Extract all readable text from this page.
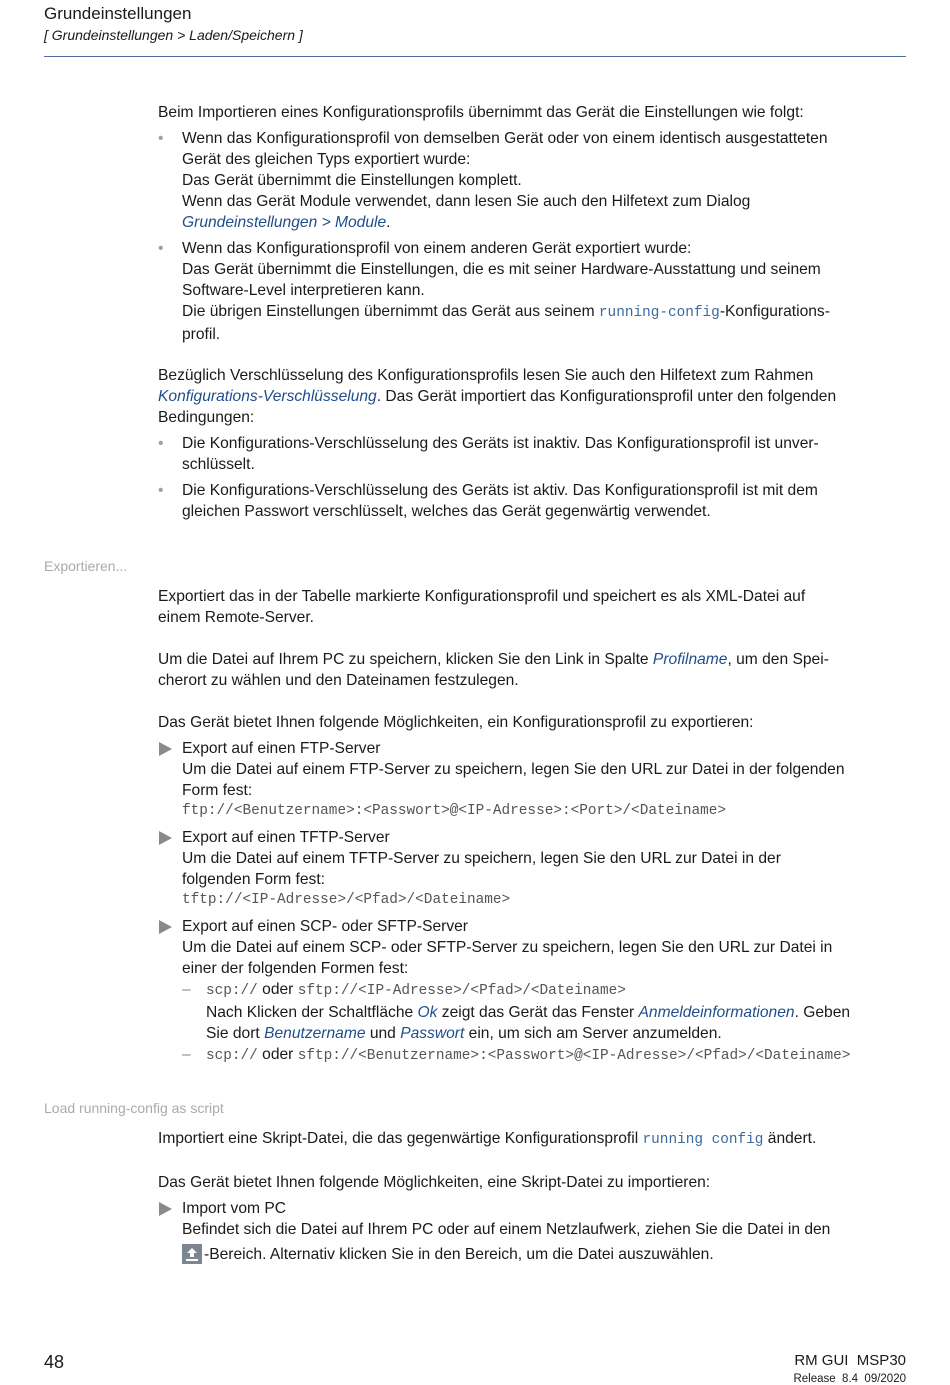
Grundeinstellungen
[ Grundeinstellungen > Laden/Speichern ]

Beim Importieren eines Konfigurationsprofils übernimmt das Gerät die Einstellungen wie folgt:

• Wenn das Konfigurationsprofil von demselben Gerät oder von einem identisch ausgestatteten
Gerät des gleichen Typs exportiert wurde:
Das Gerät übernimmt die Einstellungen komplett.
Wenn das Gerät Module verwendet, dann lesen Sie auch den Hilfetext zum Dialog
Grundeinstellungen > Module.
• Wenn das Konfigurationsprofil von einem anderen Gerät exportiert wurde:
Das Gerät übernimmt die Einstellungen, die es mit seiner Hardware-Ausstattung und seinem
Software-Level interpretieren kann.
Die übrigen Einstellungen übernimmt das Gerät aus seinem running-config-Konfigurations-
profil.
Bezüglich Verschlüsselung des Konfigurationsprofils lesen Sie auch den Hilfetext zum Rahmen
Konfigurations-Verschlüsselung. Das Gerät importiert das Konfigurationsprofil unter den folgenden
Bedingungen:
• Die Konfigurations-Verschlüsselung des Geräts ist inaktiv. Das Konfigurationsprofil ist unver-
schlüsselt.
• Die Konfigurations-Verschlüsselung des Geräts ist aktiv. Das Konfigurationsprofil ist mit dem
gleichen Passwort verschlüsselt, welches das Gerät gegenwärtig verwendet.
Exportieren...
Exportiert das in der Tabelle markierte Konfigurationsprofil und speichert es als XML-Datei auf
einem Remote-Server.
Um die Datei auf Ihrem PC zu speichern, klicken Sie den Link in Spalte Profilname, um den Spei-
cherort zu wählen und den Dateinamen festzulegen.
Das Gerät bietet Ihnen folgende Möglichkeiten, ein Konfigurationsprofil zu exportieren:
Export auf einen FTP-Server
Um die Datei auf einem FTP-Server zu speichern, legen Sie den URL zur Datei in der folgenden
Form fest:
ftp://<Benutzername>:<Passwort>@<IP-Adresse>:<Port>/<Dateiname>
Export auf einen TFTP-Server
Um die Datei auf einem TFTP-Server zu speichern, legen Sie den URL zur Datei in der
folgenden Form fest:
tftp://<IP-Adresse>/<Pfad>/<Dateiname>
Export auf einen SCP- oder SFTP-Server
Um die Datei auf einem SCP- oder SFTP-Server zu speichern, legen Sie den URL zur Datei in
einer der folgenden Formen fest:
– scp:// oder sftp://<IP-Adresse>/<Pfad>/<Dateiname>
Nach Klicken der Schaltfläche Ok zeigt das Gerät das Fenster Anmeldeinformationen. Geben
Sie dort Benutzername und Passwort ein, um sich am Server anzumelden.
– scp:// oder sftp://<Benutzername>:<Passwort>@<IP-Adresse>/<Pfad>/<Dateiname>
Load running-config as script
Importiert eine Skript-Datei, die das gegenwärtige Konfigurationsprofil running config ändert.
Das Gerät bietet Ihnen folgende Möglichkeiten, eine Skript-Datei zu importieren:
Import vom PC
Befindet sich die Datei auf Ihrem PC oder auf einem Netzlaufwerk, ziehen Sie die Datei in den
-Bereich. Alternativ klicken Sie in den Bereich, um die Datei auszuwählen.
48	RM GUI  MSP30
Release  8.4  09/2020
